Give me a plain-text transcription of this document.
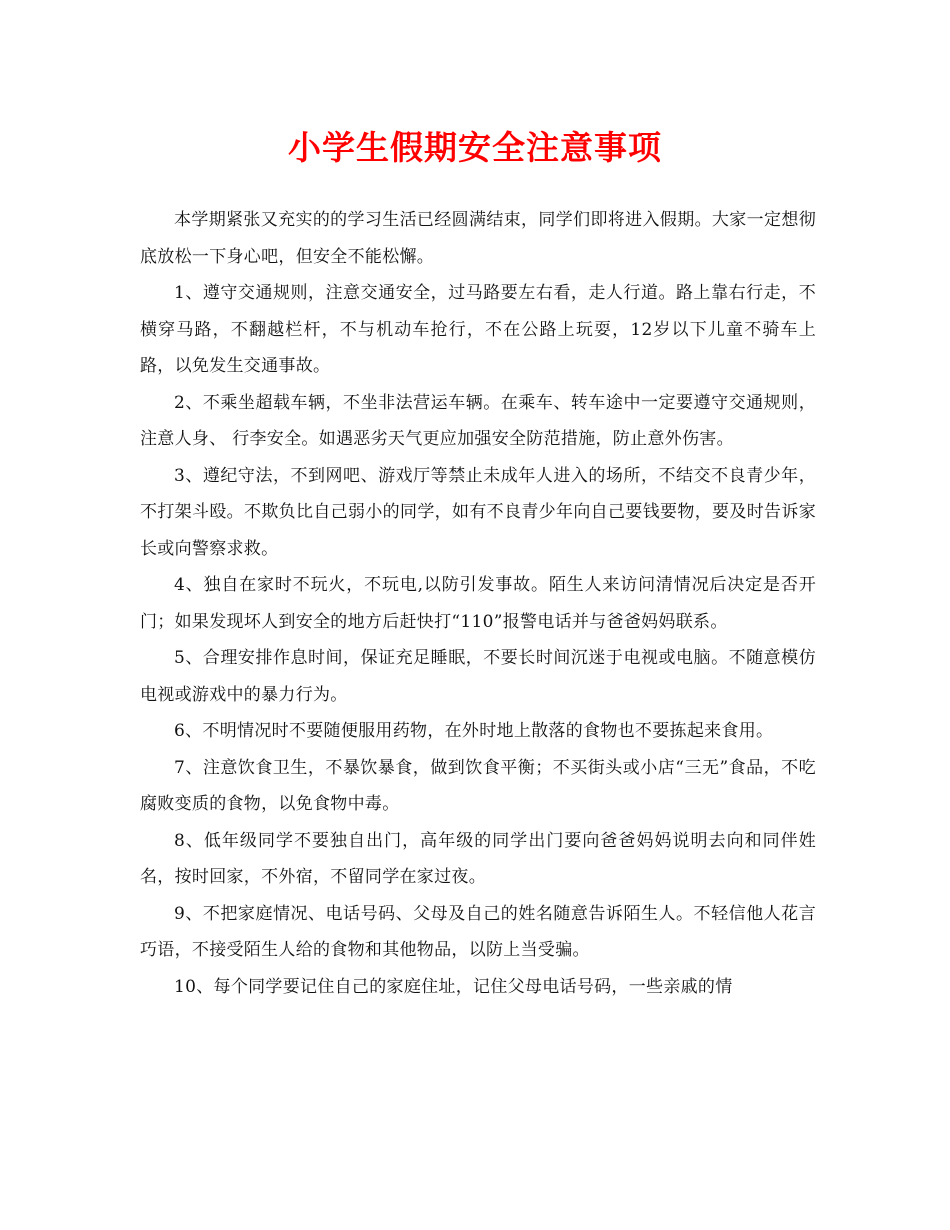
小学生假期安全注意事项

本学期紧张又充实的的学习生活已经圆满结束，同学们即将进入假期。大家一定想彻底放松一下身心吧，但安全不能松懈。

1、遵守交通规则，注意交通安全，过马路要左右看，走人行道。路上靠右行走，不横穿马路，不翻越栏杆，不与机动车抢行，不在公路上玩耍，12岁以下儿童不骑车上路，以免发生交通事故。

2、不乘坐超载车辆，不坐非法营运车辆。在乘车、转车途中一定要遵守交通规则，注意人身、 行李安全。如遇恶劣天气更应加强安全防范措施，防止意外伤害。

3、遵纪守法，不到网吧、游戏厅等禁止未成年人进入的场所，不结交不良青少年，不打架斗殴。不欺负比自己弱小的同学，如有不良青少年向自己要钱要物，要及时告诉家长或向警察求救。

4、独自在家时不玩火，不玩电,以防引发事故。陌生人来访问清情况后决定是否开门；如果发现坏人到安全的地方后赶快打“110”报警电话并与爸爸妈妈联系。

5、合理安排作息时间，保证充足睡眠，不要长时间沉迷于电视或电脑。不随意模仿电视或游戏中的暴力行为。

6、不明情况时不要随便服用药物，在外时地上散落的食物也不要拣起来食用。

7、注意饮食卫生，不暴饮暴食，做到饮食平衡；不买街头或小店“三无”食品，不吃腐败变质的食物，以免食物中毒。

8、低年级同学不要独自出门，高年级的同学出门要向爸爸妈妈说明去向和同伴姓名，按时回家，不外宿，不留同学在家过夜。

9、不把家庭情况、电话号码、父母及自己的姓名随意告诉陌生人。不轻信他人花言巧语，不接受陌生人给的食物和其他物品，以防上当受骗。

10、每个同学要记住自己的家庭住址，记住父母电话号码，一些亲戚的情
